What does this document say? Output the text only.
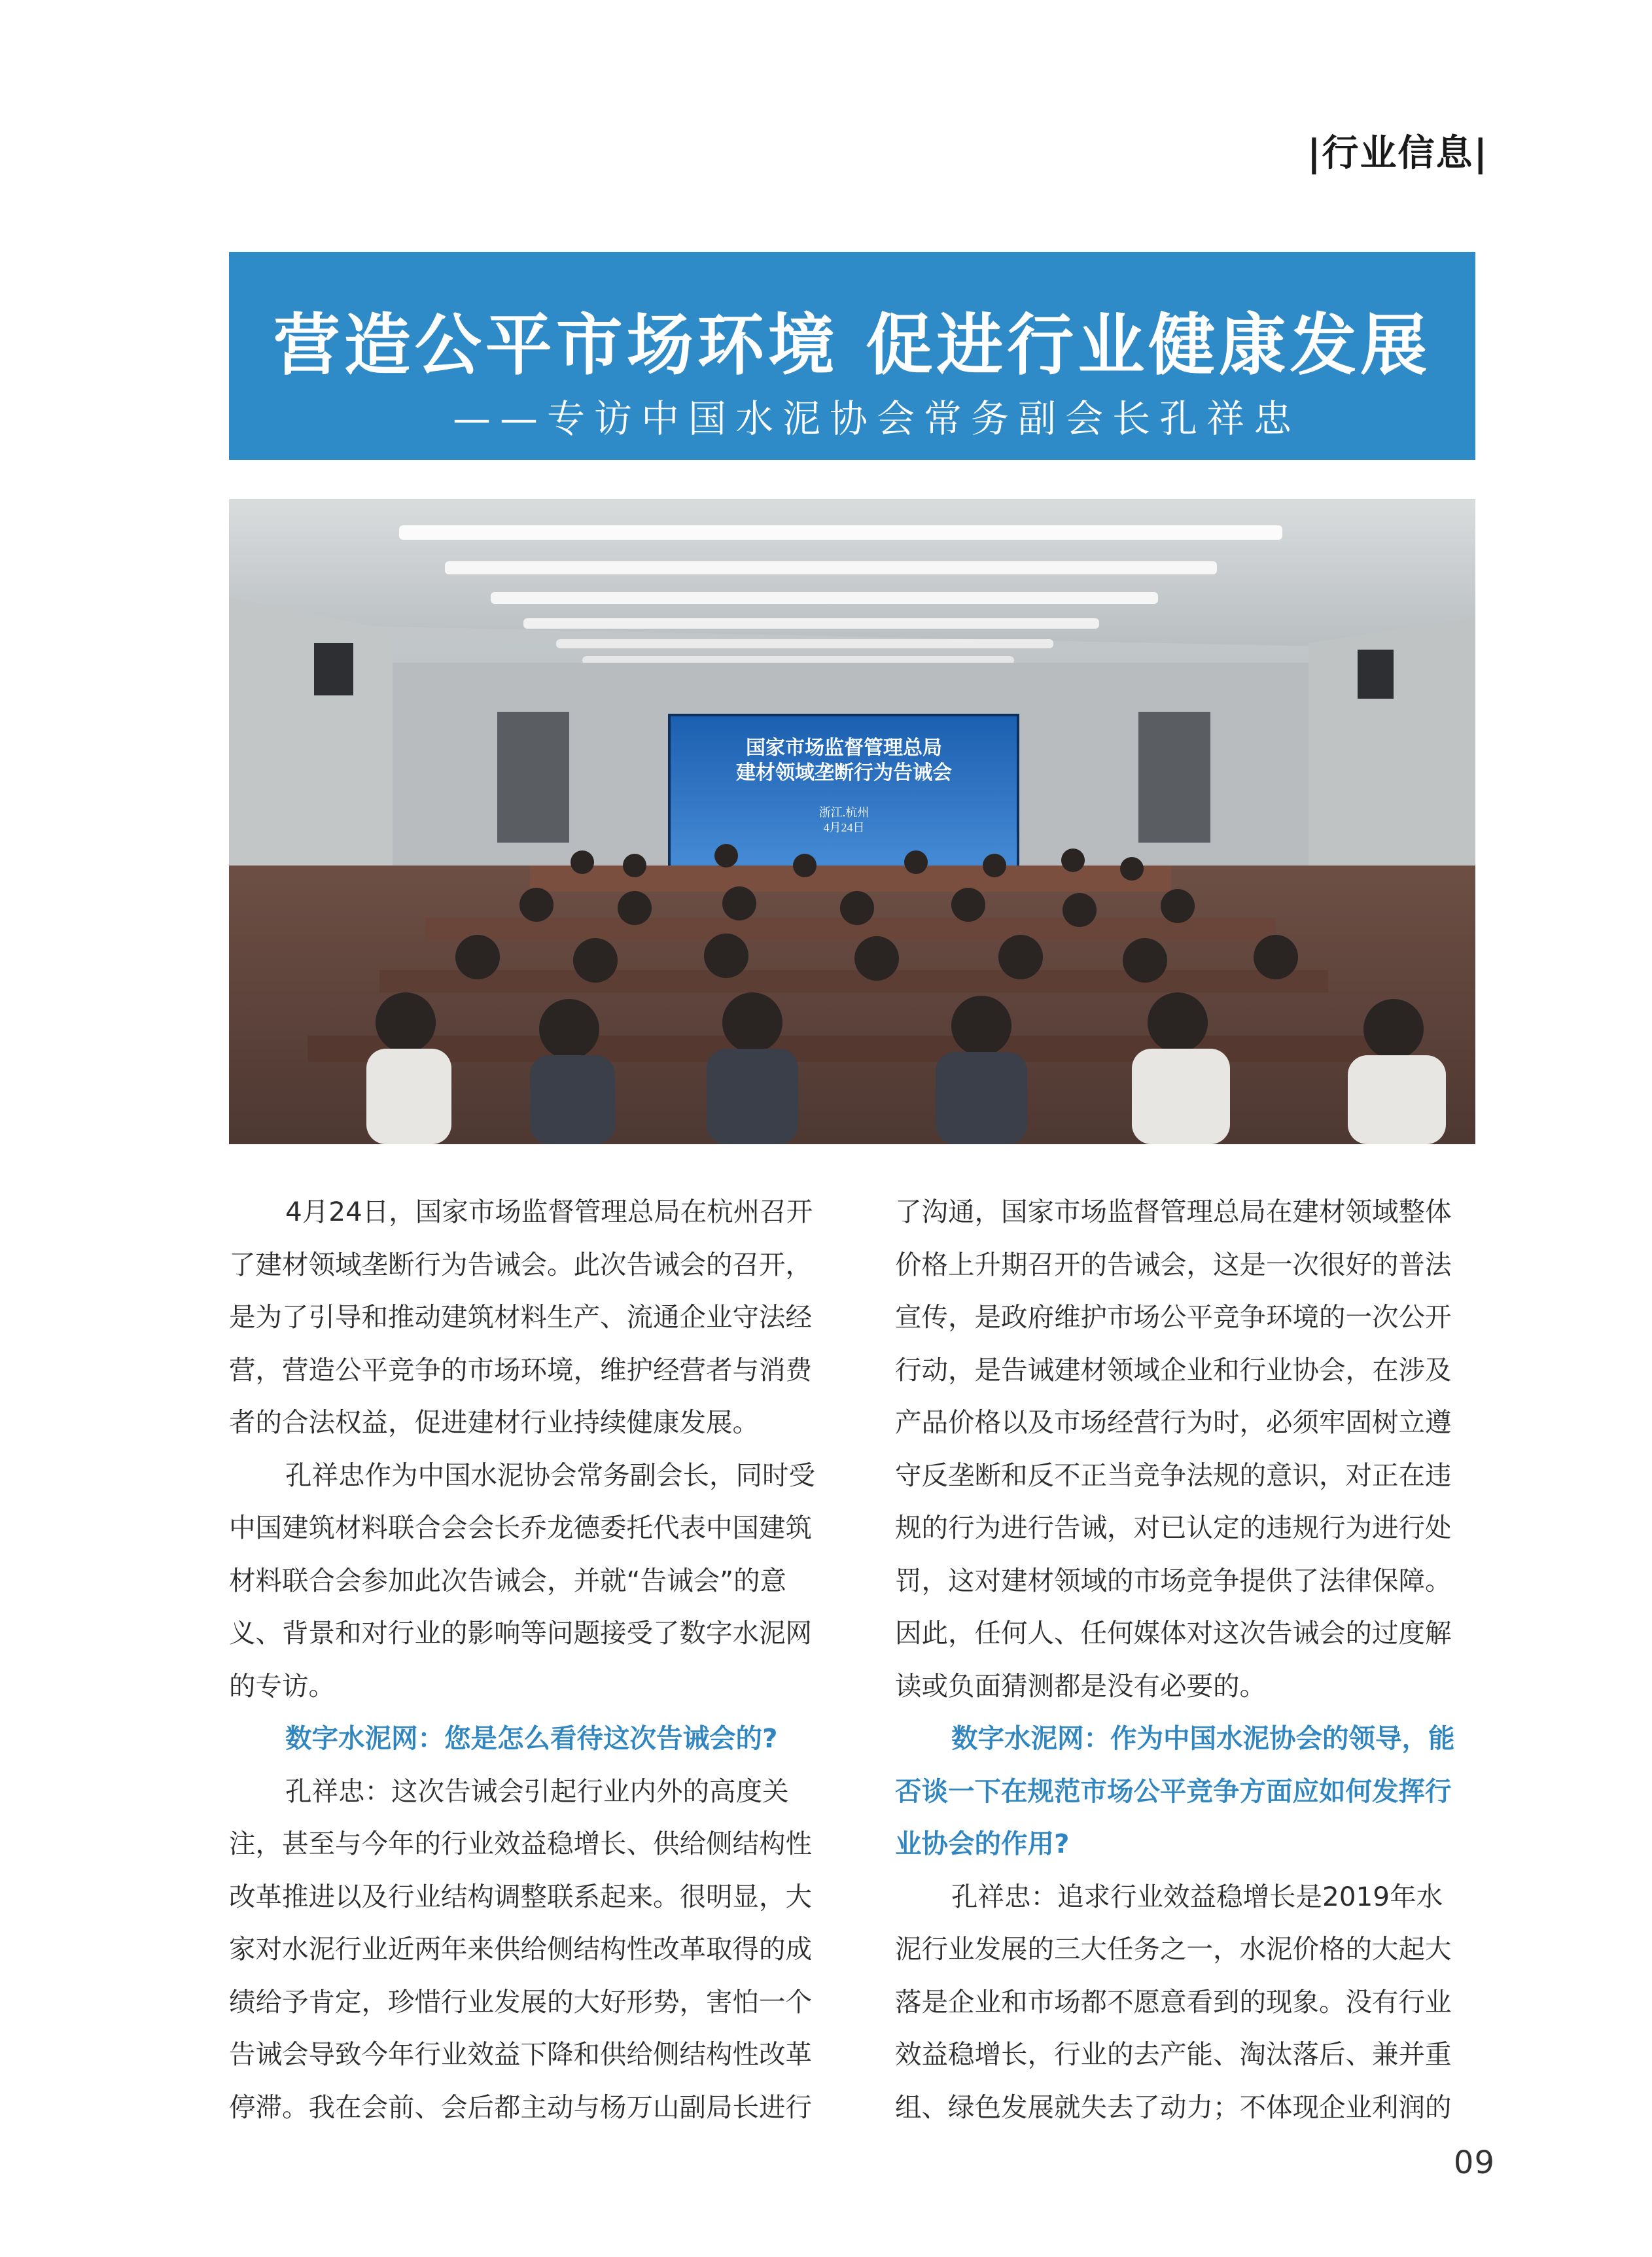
|行业信息|
营造公平市场环境 促进行业健康发展
——专访中国水泥协会常务副会长孔祥忠
国家市场监督管理总局
建材领域垄断行为告诫会
浙江.杭州
4月24日
4月24日，国家市场监督管理总局在杭州召开
了建材领域垄断行为告诫会。此次告诫会的召开，
是为了引导和推动建筑材料生产、流通企业守法经
营，营造公平竞争的市场环境，维护经营者与消费
者的合法权益，促进建材行业持续健康发展。
孔祥忠作为中国水泥协会常务副会长，同时受
中国建筑材料联合会会长乔龙德委托代表中国建筑
材料联合会参加此次告诫会，并就“告诫会”的意
义、背景和对行业的影响等问题接受了数字水泥网
的专访。
数字水泥网：您是怎么看待这次告诫会的?
孔祥忠：这次告诫会引起行业内外的高度关
注，甚至与今年的行业效益稳增长、供给侧结构性
改革推进以及行业结构调整联系起来。很明显，大
家对水泥行业近两年来供给侧结构性改革取得的成
绩给予肯定，珍惜行业发展的大好形势，害怕一个
告诫会导致今年行业效益下降和供给侧结构性改革
停滞。我在会前、会后都主动与杨万山副局长进行
了沟通，国家市场监督管理总局在建材领域整体
价格上升期召开的告诫会，这是一次很好的普法
宣传，是政府维护市场公平竞争环境的一次公开
行动，是告诫建材领域企业和行业协会，在涉及
产品价格以及市场经营行为时，必须牢固树立遵
守反垄断和反不正当竞争法规的意识，对正在违
规的行为进行告诫，对已认定的违规行为进行处
罚，这对建材领域的市场竞争提供了法律保障。
因此，任何人、任何媒体对这次告诫会的过度解
读或负面猜测都是没有必要的。
数字水泥网：作为中国水泥协会的领导，能
否谈一下在规范市场公平竞争方面应如何发挥行
业协会的作用?
孔祥忠：追求行业效益稳增长是2019年水
泥行业发展的三大任务之一，水泥价格的大起大
落是企业和市场都不愿意看到的现象。没有行业
效益稳增长，行业的去产能、淘汰落后、兼并重
组、绿色发展就失去了动力；不体现企业利润的
09
